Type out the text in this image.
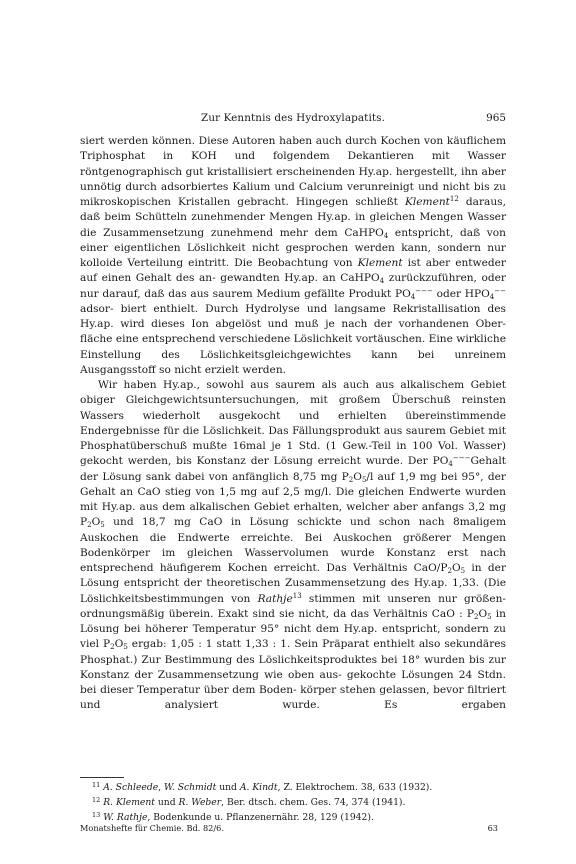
Zur Kenntnis des Hydroxylapatits.	965

siert werden können. Diese Autoren haben auch durch Kochen von käuflichem Triphosphat in KOH und folgendem Dekantieren mit Wasser röntgenographisch gut kristallisiert erscheinenden Hy.ap. hergestellt, ihn aber unnötig durch adsorbiertes Kalium und Calcium verunreinigt und nicht bis zu mikroskopischen Kristallen gebracht. Hingegen schließt Klement$^{12}$ daraus, daß beim Schütteln zunehmender Mengen Hy.ap. in gleichen Mengen Wasser die Zusammensetzung zunehmend mehr dem CaHPO$_4$ entspricht, daß von einer eigentlichen Löslichkeit nicht gesprochen werden kann, sondern nur kolloide Verteilung eintritt. Die Beobachtung von Klement ist aber entweder auf einen Gehalt des an- gewandten Hy.ap. an CaHPO$_4$ zurückzuführen, oder nur darauf, daß das aus saurem Medium gefällte Produkt $PO_4^{---}$ oder $HPO_4^{--}$ adsor- biert enthielt. Durch Hydrolyse und langsame Rekristallisation des Hy.ap. wird dieses Ion abgelöst und muß je nach der vorhandenen Ober- fläche eine entsprechend verschiedene Löslichkeit vortäuschen. Eine wirkliche Einstellung des Löslichkeitsgleichgewichtes kann bei unreinem

Ausgangsstoff so nicht erzielt werden.

Wir haben Hy.ap., sowohl aus saurem als auch aus alkalischem Gebiet obiger Gleichgewichtsuntersuchungen, mit großem Überschuß reinsten Wassers wiederholt ausgekocht und erhielten übereinstimmende Endergebnisse für die Löslichkeit. Das Fällungsprodukt aus saurem Gebiet mit Phosphatüberschuß mußte 16mal je 1 Std. (1 Gew.-Teil in 100 Vol. Wasser) gekocht werden, bis Konstanz der Lösung erreicht wurde. Der $PO_4^{---}Gehalt$ der Lösung sank dabei von anfänglich 8,75 mg $P_2O_5/l$ auf 1,9 mg bei 95°, der Gehalt an CaO stieg von 1,5 mg auf 2,5 mg/l. Die gleichen Endwerte wurden mit Hy.ap. aus dem alkalischen Gebiet erhalten, welcher aber anfangs 3,2 mg $P_2O_5$ und 18,7 mg CaO in Lösung schickte und schon nach 8maligem Auskochen die Endwerte erreichte. Bei Auskochen größerer Mengen Bodenkörper im gleichen Wasservolumen wurde Konstanz erst nach entsprechend häufigerem Kochen erreicht. Das Verhältnis CaO/$P_2O_5$ in der Lösung entspricht der theoretischen Zusammensetzung des Hy.ap. 1,33. (Die Löslichkeitsbestimmungen von Rathje$^{13}$ stimmen mit unseren nur größen- ordnungsmäßig überein. Exakt sind sie nicht, da das Verhältnis CaO : $P_2O_5$ in Lösung bei höherer Temperatur 95° nicht dem Hy.ap. entspricht, sondern zu viel $P_2O_5$ ergab: 1,05 : 1 statt 1,33 : 1. Sein Präparat enthielt also sekundäres Phosphat.) Zur Bestimmung des Löslichkeitsproduktes bei 18° wurden bis zur Konstanz der Zusammensetzung wie oben aus- gekochte Lösungen 24 Stdn. bei dieser Temperatur über dem Boden- körper stehen gelassen, bevor filtriert und analysiert wurde. Es ergaben

$^{11}$ A. Schleede, W. Schmidt und A. Kindt, Z. Elektrochem. 38, 633 (1932).
$^{12}$ R. Klement und R. Weber, Ber. dtsch. chem. Ges. 74, 374 (1941).
$^{13}$ W. Rathje, Bodenkunde u. Pflanzenernähr. 28, 129 (1942).
Monatshefte für Chemie. Bd. 82/6.	63
